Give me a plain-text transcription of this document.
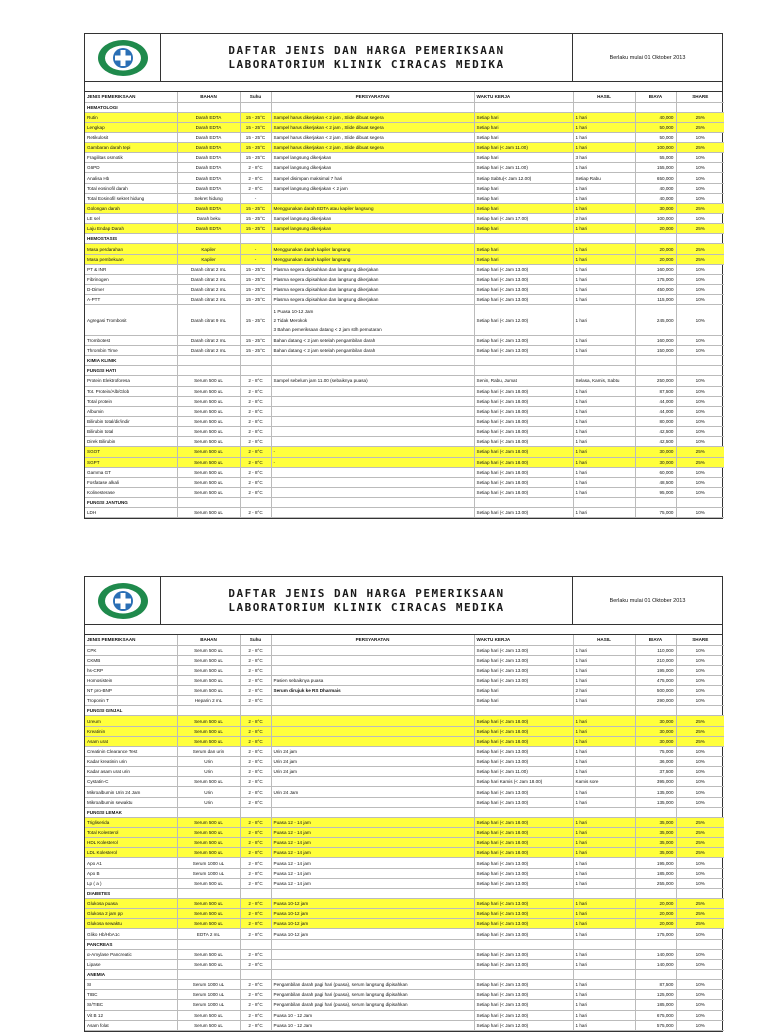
DAFTAR JENIS DAN HARGA PEMERIKSAAN
LABORATORIUM KLINIK CIRACAS MEDIKA	Berlaku mulai 01 Oktober 2013
JENIS PEMERIKSAAN	BAHAN	Suhu	PERSYARATAN	WAKTU KERJA	HASIL	BIAYA	SHARE
HEMATOLOGI							
Rutin	Darah EDTA	15 - 25°C	Sampel harus dikerjakan < 2 jam , Slide dibuat segera	Setiap hari	1 hari	40,000	25%
Lengkap	Darah EDTA	15 - 25°C	Sampel harus dikerjakan < 2 jam , Slide dibuat segera	Setiap hari	1 hari	50,000	25%
Retikulosit	Darah EDTA	15 - 25°C	Sampel harus dikerjakan < 2 jam , Slide dibuat segera	Setiap hari	1 hari	50,000	10%
Gambaran darah tepi	Darah EDTA	15 - 25°C	Sampel harus dikerjakan < 2 jam , Slide dibuat segera	Setiap hari (< Jam 11.00)	1 hari	100,000	25%
Fragilitas osmotik	Darah EDTA	15 - 25°C	Sampel langsung dikerjakan	Setiap hari	3 hari	55,000	10%
G6PD	Darah EDTA	2 - 8°C	Sampel langsung dikerjakan	Setiap hari (< Jam 11.00)	1 hari	155,000	10%
Analisa Hb	Darah EDTA	2 - 8°C	Sampel disimpan maksimal 7 hari	Setiap Sabtu(< Jam 12.00)	Setiap Rabu	650,000	10%
Total eosinofil darah	Darah EDTA	2 - 8°C	Sampel langsung dikerjakan < 2 jam	Setiap hari	1 hari	40,000	10%
Total Eosinofil sekret hidung	Sekret hidung	-		Setiap hari	1 hari	40,000	10%
Golongan darah	Darah EDTA	15 - 25°C	Menggunakan darah EDTA atau kapiler langsung	Setiap hari	1 hari	30,000	25%
LE sel	Darah beku	15 - 25°C	Sampel langsung dikerjakan	Setiap hari (< Jam 17.00)	2 hari	100,000	10%
Laju Endap Darah	Darah EDTA	15 - 25°C	Sampel langsung dikerjakan	Setiap hari	1 hari	20,000	25%
HEMOSTASIS							
Masa perdarahan	Kapiler	-	Menggunakan darah kapiler langsung	Setiap hari	1 hari	20,000	25%
Masa pembekuan	Kapiler	-	Menggunakan darah kapiler langsung	Setiap hari	1 hari	20,000	25%
PT & INR	Darah citrat 2 mL	15 - 25°C	Plasma segera dipisahkan dan langsung dikerjakan	Setiap hari (< Jam 13.00)	1 hari	160,000	10%
Fibrinogen	Darah citrat 2 mL	15 - 25°C	Plasma segera dipisahkan dan langsung dikerjakan	Setiap hari (< Jam 13.00)	1 hari	175,000	10%
D-Dimer	Darah citrat 2 mL	15 - 25°C	Plasma segera dipisahkan dan langsung dikerjakan	Setiap hari (< Jam 13.00)	1 hari	450,000	10%
A-PTT	Darah citrat 2 mL	15 - 25°C	Plasma segera dipisahkan dan langsung dikerjakan	Setiap hari (< Jam 13.00)	1 hari	115,000	10%
Agregasi Trombosit	Darah citrat 9 mL	15 - 25°C	1 Puasa 10-12 Jam
2 Tidak Merokok
3 Bahan pemeriksaan datang < 2 jam stlh pemutaran	Setiap hari (< Jam 12.00)	1 hari	245,000	10%
Trombotest	Darah citrat 2 mL	15 - 25°C	Bahan datang < 2 jam setelah pengambilan darah	Setiap hari (< Jam 13.00)	1 hari	160,000	10%
Thrombin Time	Darah citrat 2 mL	15 - 25°C	Bahan datang < 2 jam setelah pengambilan darah	Setiap hari (< Jam 13.00)	1 hari	150,000	10%
KIMIA KLINIK							
FUNGSI HATI							
Protein Elektroforesa	Serum 500 uL	2 - 8°C	Sampel sebelum jam 11.00 (sebaiknya puasa)	Senin, Rabu, Jumat	Selasa, Kamis, Sabtu	250,000	10%
Tot. Protein/Alb/Glob	Serum 500 uL	2 - 8°C		Setiap hari (< Jam 18.00)	1 hari	87,500	10%
Total protein	Serum 500 uL	2 - 8°C		Setiap hari (< Jam 18.00)	1 hari	44,000	10%
Albumin	Serum 500 uL	2 - 8°C		Setiap hari (< Jam 18.00)	1 hari	44,000	10%
Bilirubin total/dir/indir	Serum 500 uL	2 - 8°C		Setiap hari (< Jam 18.00)	1 hari	80,000	10%
Bilirubin total	Serum 500 uL	2 - 8°C		Setiap hari (< Jam 18.00)	1 hari	42,500	10%
Direk Bilirubin	Serum 500 uL	2 - 8°C		Setiap hari (< Jam 18.00)	1 hari	42,500	10%
SGOT	Serum 500 uL	2 - 8°C	-	Setiap hari (< Jam 18.00)	1 hari	30,000	25%
SGPT	Serum 500 uL	2 - 8°C	-	Setiap hari (< Jam 18.00)	1 hari	30,000	25%
Gamma GT	Serum 500 uL	2 - 8°C		Setiap hari (< Jam 18.00)	1 hari	60,000	10%
Fosfatase alkali	Serum 500 uL	2 - 8°C		Setiap hari (< Jam 18.00)	1 hari	48,500	10%
Kolinesterase	Serum 500 uL	2 - 8°C		Setiap hari (< Jam 18.00)	1 hari	95,000	10%
FUNGSI JANTUNG							
LDH	Serum 500 uL	2 - 8°C		Setiap hari (< Jam 13.00)	1 hari	75,000	10%
DAFTAR JENIS DAN HARGA PEMERIKSAAN
LABORATORIUM KLINIK CIRACAS MEDIKA	Berlaku mulai 01 Oktober 2013
JENIS PEMERIKSAAN	BAHAN	Suhu	PERSYARATAN	WAKTU KERJA	HASIL	BIAYA	SHARE
CPK	Serum 500 uL	2 - 8°C		Setiap hari (< Jam 13.00)	1 hari	110,000	10%
CKMB	Serum 500 uL	2 - 8°C		Setiap hari (< Jam 13.00)	1 hari	210,000	10%
hs-CRP	Serum 500 uL	2 - 8°C		Setiap hari (< Jam 13.00)	1 hari	195,000	10%
Homosistein	Serum 500 uL	2 - 8°C	Pasien sebaiknya puasa	Setiap hari (< Jam 13.00)	1 hari	475,000	10%
NT pro-BNP	Serum 500 uL	2 - 8°C	Serum dirujuk ke RS Dharmais	Setiap hari	2 hari	500,000	10%
Troponin T	Heparin 2 mL	2 - 8°C		Setiap hari	1 hari	290,000	10%
FUNGSI GINJAL							
Ureum	Serum 500 uL	2 - 8°C		Setiap hari (< Jam 18.00)	1 hari	30,000	25%
Kreatinin	Serum 500 uL	2 - 8°C		Setiap hari (< Jam 18.00)	1 hari	30,000	25%
Asam urat	Serum 500 uL	2 - 8°C		Setiap hari (< Jam 18.00)	1 hari	30,000	25%
Creatinin Clearance Test	Serum dan urin	2 - 8°C	Urin 24 jam	Setiap hari (< Jam 13.00)	1 hari	75,000	10%
Kadar kreatinin urin	Urin	2 - 8°C	Urin 24 jam	Setiap hari (< Jam 13.00)	1 hari	36,000	10%
Kadar asam urat urin	Urin	2 - 8°C	Urin 24 jam	Setiap hari (< Jam 11.00)	1 hari	37,500	10%
Cystatin-C	Serum 500 uL	2 - 8°C		Setiap hari Kamis (< Jam 18.00)	Kamis sore	395,000	10%
Mikroalbumin Urin 24 Jam	Urin	2 - 8°C	Urin 24 Jam	Setiap hari (< Jam 13.00)	1 hari	135,000	10%
Mikroalbumin sewaktu	Urin	2 - 8°C		Setiap hari (< Jam 13.00)	1 hari	135,000	10%
FUNGSI LEMAK							
Trigliserida	Serum 500 uL	2 - 8°C	Puasa 12 - 14 jam	Setiap hari (< Jam 18.00)	1 hari	35,000	25%
Total Kolesterol	Serum 500 uL	2 - 8°C	Puasa 12 - 14 jam	Setiap hari (< Jam 18.00)	1 hari	35,000	25%
HDL Kolesterol	Serum 500 uL	2 - 8°C	Puasa 12 - 14 jam	Setiap hari (< Jam 18.00)	1 hari	35,000	25%
LDL Kolesterol	Serum 500 uL	2 - 8°C	Puasa 12 - 14 jam	Setiap hari (< Jam 18.00)	1 hari	35,000	25%
Apo A1	Serum 1000 uL	2 - 8°C	Puasa 12 - 14 jam	Setiap hari (< Jam 13.00)	1 hari	195,000	10%
Apo B	Serum 1000 uL	2 - 8°C	Puasa 12 - 14 jam	Setiap hari (< Jam 13.00)	1 hari	185,000	10%
Lp ( a )	Serum 500 uL	2 - 8°C	Puasa 12 - 14 jam	Setiap hari (< Jam 13.00)	1 hari	255,000	10%
DIABETES							
Glukosa puasa	Serum 500 uL	2 - 8°C	Puasa 10-12 jam	Setiap hari (< Jam 13.00)	1 hari	20,000	25%
Glukosa 2 jam pp	Serum 500 uL	2 - 8°C	Puasa 10-12 jam	Setiap hari (< Jam 13.00)	1 hari	20,000	25%
Glukosa sewaktu	Serum 500 uL	2 - 8°C	Puasa 10-12 jam	Setiap hari (< Jam 13.00)	1 hari	20,000	25%
Gliko Hb/HbA1c	EDTA 2 mL	2 - 8°C	Puasa 10-12 jam	Setiap hari (< Jam 13.00)	1 hari	175,000	10%
PANCREAS							
α-Amylase Pancreatic	Serum 500 uL	2 - 8°C		Setiap hari (< Jam 13.00)	1 hari	140,000	10%
Lipase	Serum 500 uL	2 - 8°C		Setiap hari (< Jam 13.00)	1 hari	140,000	10%
ANEMIA							
SI	Serum 1000 uL	2 - 8°C	Pengambilan darah pagi hari (puasa), serum langsung dipisahkan	Setiap hari (< Jam 13.00)	1 hari	87,500	10%
TIBC	Serum 1000 uL	2 - 8°C	Pengambilan darah pagi hari (puasa), serum langsung dipisahkan	Setiap hari (< Jam 13.00)	1 hari	125,000	10%
SI/TIBC	Serum 1000 uL	2 - 8°C	Pengambilan darah pagi hari (puasa), serum langsung dipisahkan	Setiap hari (< Jam 13.00)	1 hari	185,000	10%
Vit B 12	Serum 500 uL	2 - 8°C	Puasa 10 - 12 Jam	Setiap hari (< Jam 12.00)	1 hari	675,000	10%
Asam folat	Serum 500 uL	2 - 8°C	Puasa 10 - 12 Jam	Setiap hari (< Jam 12.00)	1 hari	575,000	10%
